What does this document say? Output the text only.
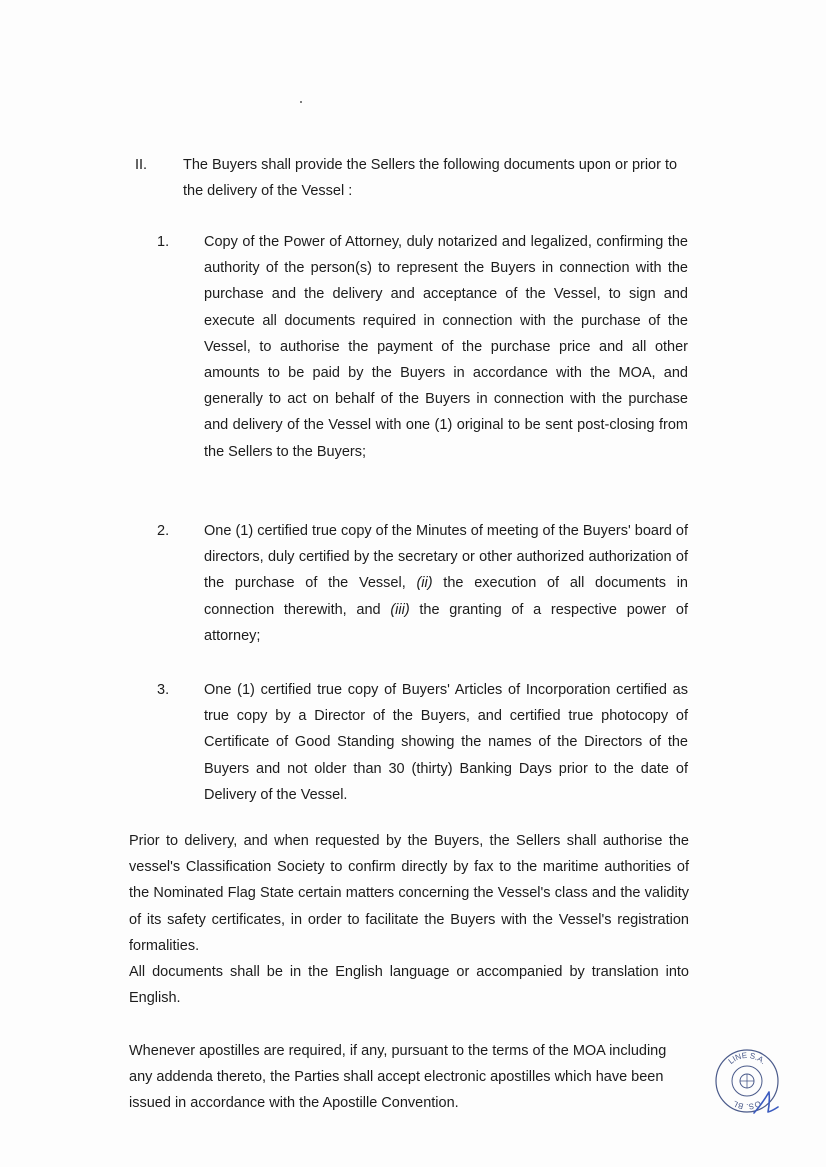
II. The Buyers shall provide the Sellers the following documents upon or prior to the delivery of the Vessel :
1. Copy of the Power of Attorney, duly notarized and legalized, confirming the authority of the person(s) to represent the Buyers in connection with the purchase and the delivery and acceptance of the Vessel, to sign and execute all documents required in connection with the purchase of the Vessel, to authorise the payment of the purchase price and all other amounts to be paid by the Buyers in accordance with the MOA, and generally to act on behalf of the Buyers in connection with the purchase and delivery of the Vessel with one (1) original to be sent post-closing from the Sellers to the Buyers;
2. One (1) certified true copy of the Minutes of meeting of the Buyers' board of directors, duly certified by the secretary or other authorized authorization of the purchase of the Vessel, (ii) the execution of all documents in connection therewith, and (iii) the granting of a respective power of attorney;
3. One (1) certified true copy of Buyers' Articles of Incorporation certified as true copy by a Director of the Buyers, and certified true photocopy of Certificate of Good Standing showing the names of the Directors of the Buyers and not older than 30 (thirty) Banking Days prior to the date of Delivery of the Vessel.
Prior to delivery, and when requested by the Buyers, the Sellers shall authorise the vessel's Classification Society to confirm directly by fax to the maritime authorities of the Nominated Flag State certain matters concerning the Vessel's class and the validity of its safety certificates, in order to facilitate the Buyers with the Vessel's registration formalities.
All documents shall be in the English language or accompanied by translation into English.
Whenever apostilles are required, if any, pursuant to the terms of the MOA including any addenda thereto, the Parties shall accept electronic apostilles which have been issued in accordance with the Apostille Convention.
LINE S.A.
OS. BL
